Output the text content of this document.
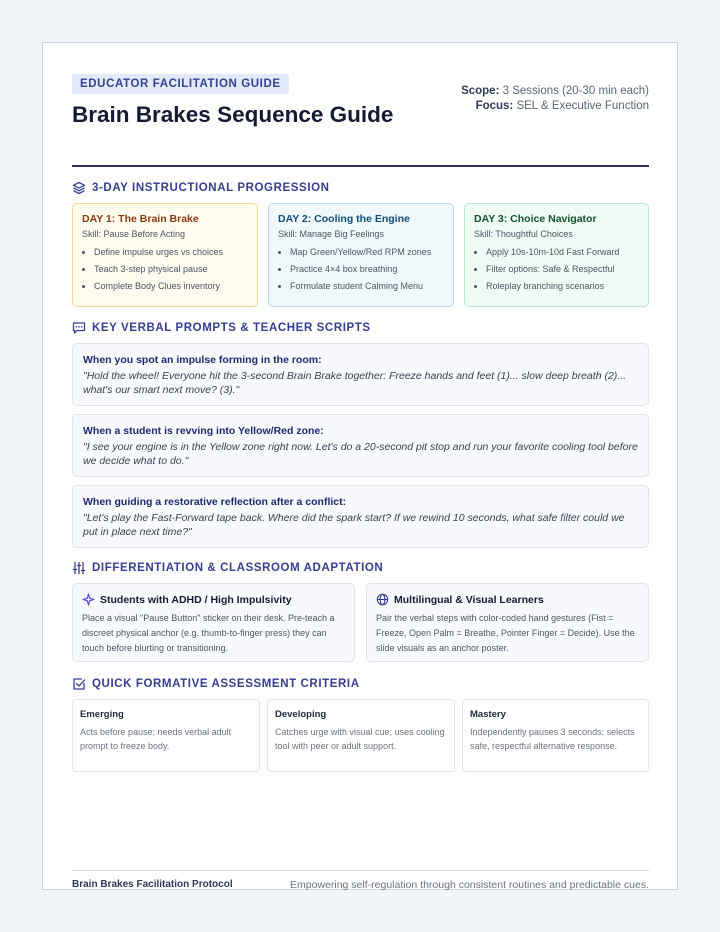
EDUCATOR FACILITATION GUIDE
Brain Brakes Sequence Guide
Scope: 3 Sessions (20-30 min each)
Focus: SEL & Executive Function
3-DAY INSTRUCTIONAL PROGRESSION
DAY 1: The Brain Brake
Skill: Pause Before Acting
• Define impulse urges vs choices
• Teach 3-step physical pause
• Complete Body Clues inventory
DAY 2: Cooling the Engine
Skill: Manage Big Feelings
• Map Green/Yellow/Red RPM zones
• Practice 4×4 box breathing
• Formulate student Calming Menu
DAY 3: Choice Navigator
Skill: Thoughtful Choices
• Apply 10s-10m-10d Fast Forward
• Filter options: Safe & Respectful
• Roleplay branching scenarios
KEY VERBAL PROMPTS & TEACHER SCRIPTS
When you spot an impulse forming in the room:

"Hold the wheel! Everyone hit the 3-second Brain Brake together: Freeze hands and feet (1)... slow deep breath (2)... what's our smart next move? (3)."

When a student is revving into Yellow/Red zone:

"I see your engine is in the Yellow zone right now. Let's do a 20-second pit stop and run your favorite cooling tool before we decide what to do."

When guiding a restorative reflection after a conflict:

"Let's play the Fast-Forward tape back. Where did the spark start? If we rewind 10 seconds, what safe filter could we put in place next time?"

DIFFERENTIATION & CLASSROOM ADAPTATION
Students with ADHD / High Impulsivity

Place a visual "Pause Button" sticker on their desk. Pre-teach a discreet physical anchor (e.g. thumb-to-finger press) they can touch before blurting or transitioning.

Multilingual & Visual Learners

Pair the verbal steps with color-coded hand gestures (Fist = Freeze, Open Palm = Breathe, Pointer Finger = Decide). Use the slide visuals as an anchor poster.

QUICK FORMATIVE ASSESSMENT CRITERIA
Emerging

Acts before pause; needs verbal adult prompt to freeze body.

Developing

Catches urge with visual cue; uses cooling tool with peer or adult support.

Mastery

Independently pauses 3 seconds; selects safe, respectful alternative response.

Brain Brakes Facilitation Protocol	Empowering self-regulation through consistent routines and predictable cues.
